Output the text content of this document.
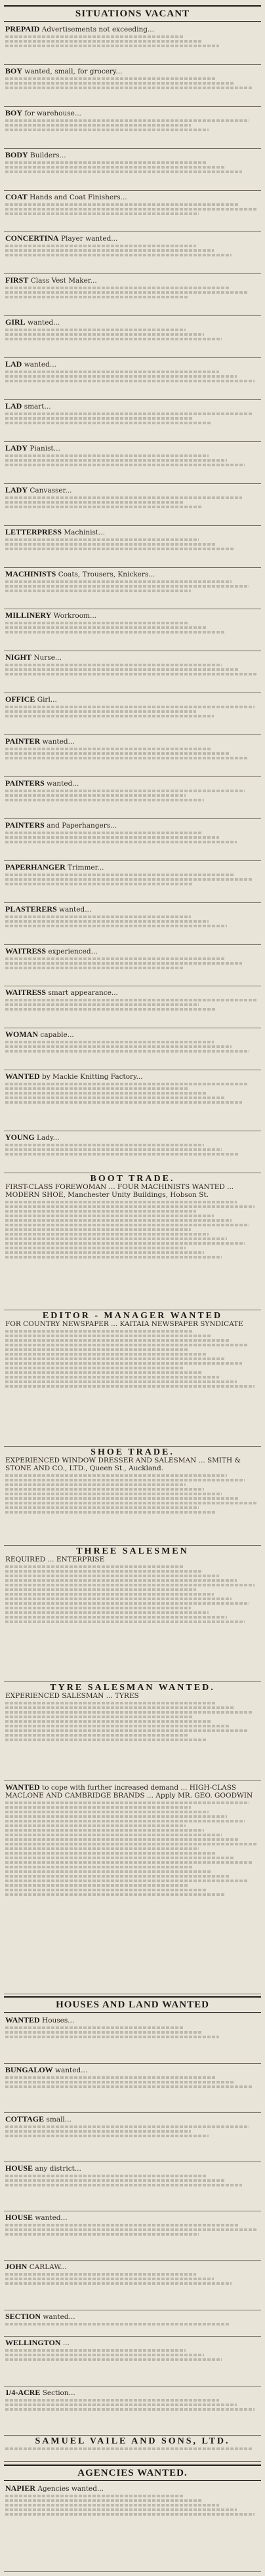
SITUATIONS VACANT
PREPAID Advertisements not exceeding...
BOY wanted, small, for grocery...
BOY for warehouse...
BODY Builders...
COAT Hands and Coat Finishers...
CONCERTINA Player wanted...
FIRST Class Vest Maker...
GIRL wanted...
LAD wanted...
LAD smart...
LADY Pianist...
LADY Canvasser...
LETTERPRESS Machinist...
MACHINISTS Coats, Trousers, Knickers...
MILLINERY Workroom...
NIGHT Nurse...
OFFICE Girl...
PAINTER wanted...
PAINTERS wanted...
PAINTERS and Paperhangers...
PAPERHANGER Trimmer...
PLASTERERS wanted...
WAITRESS experienced...
WAITRESS smart appearance...
WOMAN capable...
WANTED by Mackie Knitting Factory...
YOUNG Lady...
BOOT TRADE.
FIRST-CLASS FOREWOMAN ... FOUR MACHINISTS WANTED ... MODERN SHOE, Manchester Unity Buildings, Hobson St.
EDITOR - MANAGER WANTED
FOR COUNTRY NEWSPAPER ... KAITAIA NEWSPAPER SYNDICATE
SHOE TRADE.
EXPERIENCED WINDOW DRESSER AND SALESMAN ... SMITH & STONE AND CO., LTD., Queen St., Auckland.
THREE SALESMEN
REQUIRED ... ENTERPRISE
TYRE SALESMAN WANTED.
EXPERIENCED SALESMAN ... TYRES
WANTED to cope with further increased demand ... HIGH-CLASS MACLONE AND CAMBRIDGE BRANDS ... Apply MR. GEO. GOODWIN
HOUSES AND LAND WANTED
WANTED Houses...
BUNGALOW wanted...
COTTAGE small...
HOUSE any district...
HOUSE wanted...
JOHN CARLAW...
SECTION wanted...
WELLINGTON ...
1/4-ACRE Section...
SAMUEL VAILE AND SONS, LTD.
AGENCIES WANTED.
NAPIER Agencies wanted...
